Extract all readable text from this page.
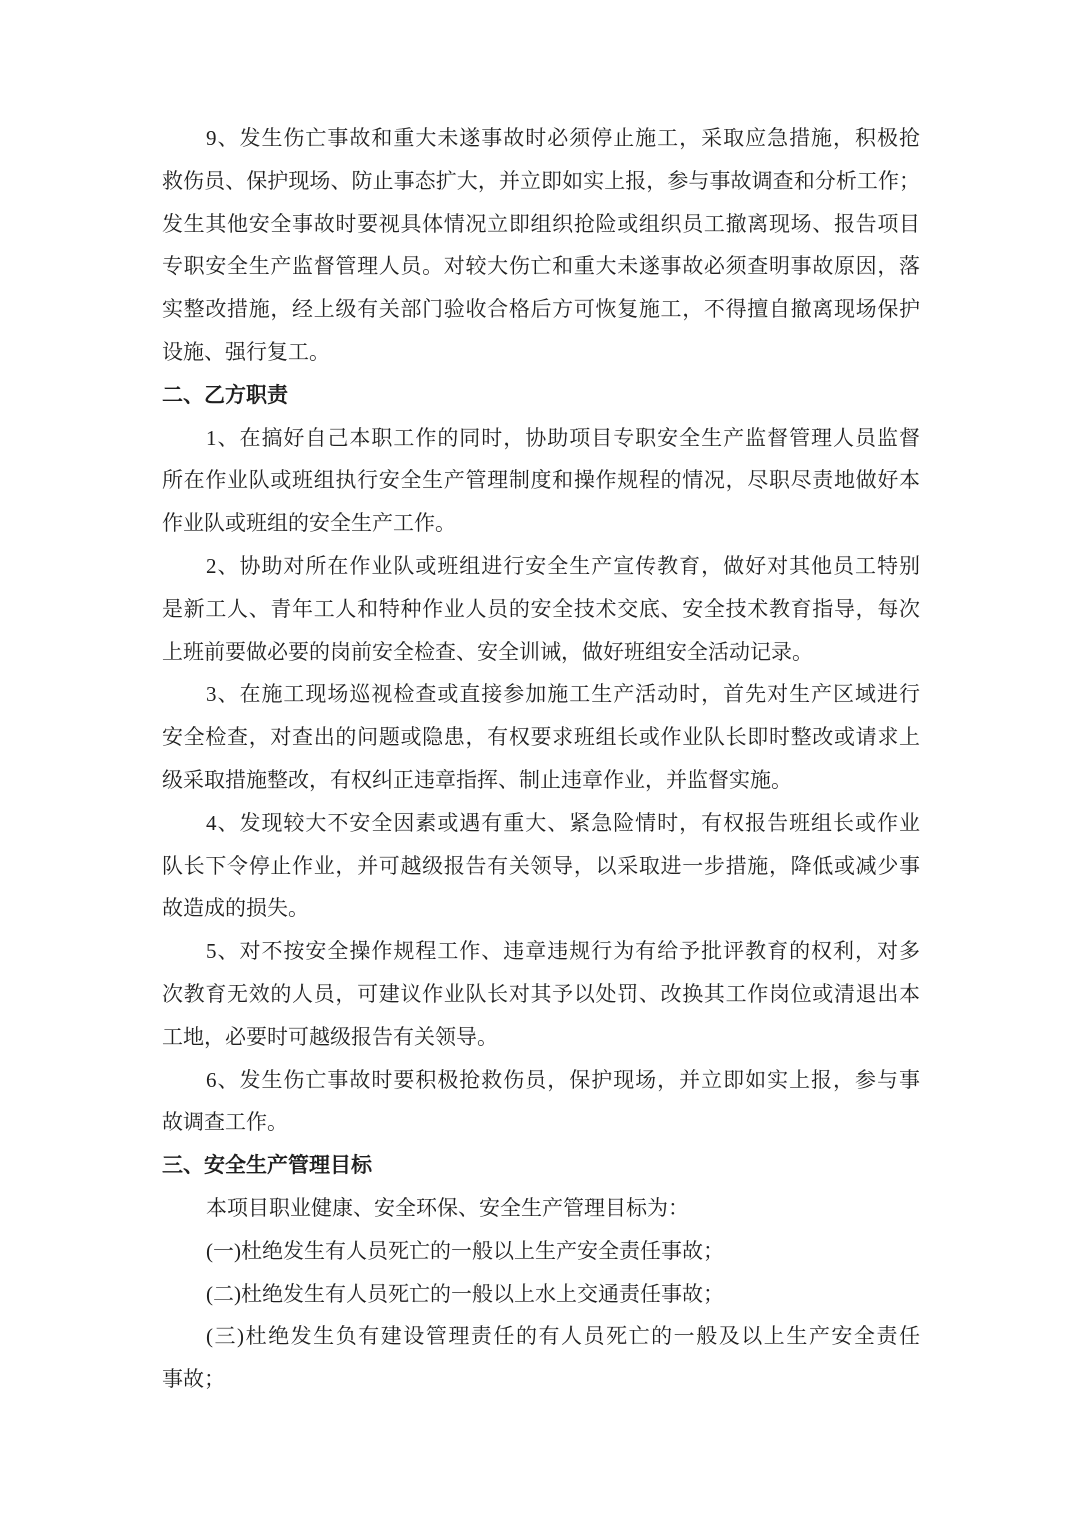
9、发生伤亡事故和重大未遂事故时必须停止施工，采取应急措施，积极抢
救伤员、保护现场、防止事态扩大，并立即如实上报，参与事故调查和分析工作；
发生其他安全事故时要视具体情况立即组织抢险或组织员工撤离现场、报告项目
专职安全生产监督管理人员。对较大伤亡和重大未遂事故必须查明事故原因，落
实整改措施，经上级有关部门验收合格后方可恢复施工，不得擅自撤离现场保护
设施、强行复工。
二、乙方职责
1、在搞好自己本职工作的同时，协助项目专职安全生产监督管理人员监督
所在作业队或班组执行安全生产管理制度和操作规程的情况，尽职尽责地做好本
作业队或班组的安全生产工作。
2、协助对所在作业队或班组进行安全生产宣传教育，做好对其他员工特别
是新工人、青年工人和特种作业人员的安全技术交底、安全技术教育指导，每次
上班前要做必要的岗前安全检查、安全训诫，做好班组安全活动记录。
3、在施工现场巡视检查或直接参加施工生产活动时，首先对生产区域进行
安全检查，对查出的问题或隐患，有权要求班组长或作业队长即时整改或请求上
级采取措施整改，有权纠正违章指挥、制止违章作业，并监督实施。
4、发现较大不安全因素或遇有重大、紧急险情时，有权报告班组长或作业
队长下令停止作业，并可越级报告有关领导，以采取进一步措施，降低或减少事
故造成的损失。
5、对不按安全操作规程工作、违章违规行为有给予批评教育的权利，对多
次教育无效的人员，可建议作业队长对其予以处罚、改换其工作岗位或清退出本
工地，必要时可越级报告有关领导。
6、发生伤亡事故时要积极抢救伤员，保护现场，并立即如实上报，参与事
故调查工作。
三、安全生产管理目标
本项目职业健康、安全环保、安全生产管理目标为：
(一)杜绝发生有人员死亡的一般以上生产安全责任事故；
(二)杜绝发生有人员死亡的一般以上水上交通责任事故；
(三)杜绝发生负有建设管理责任的有人员死亡的一般及以上生产安全责任
事故；
